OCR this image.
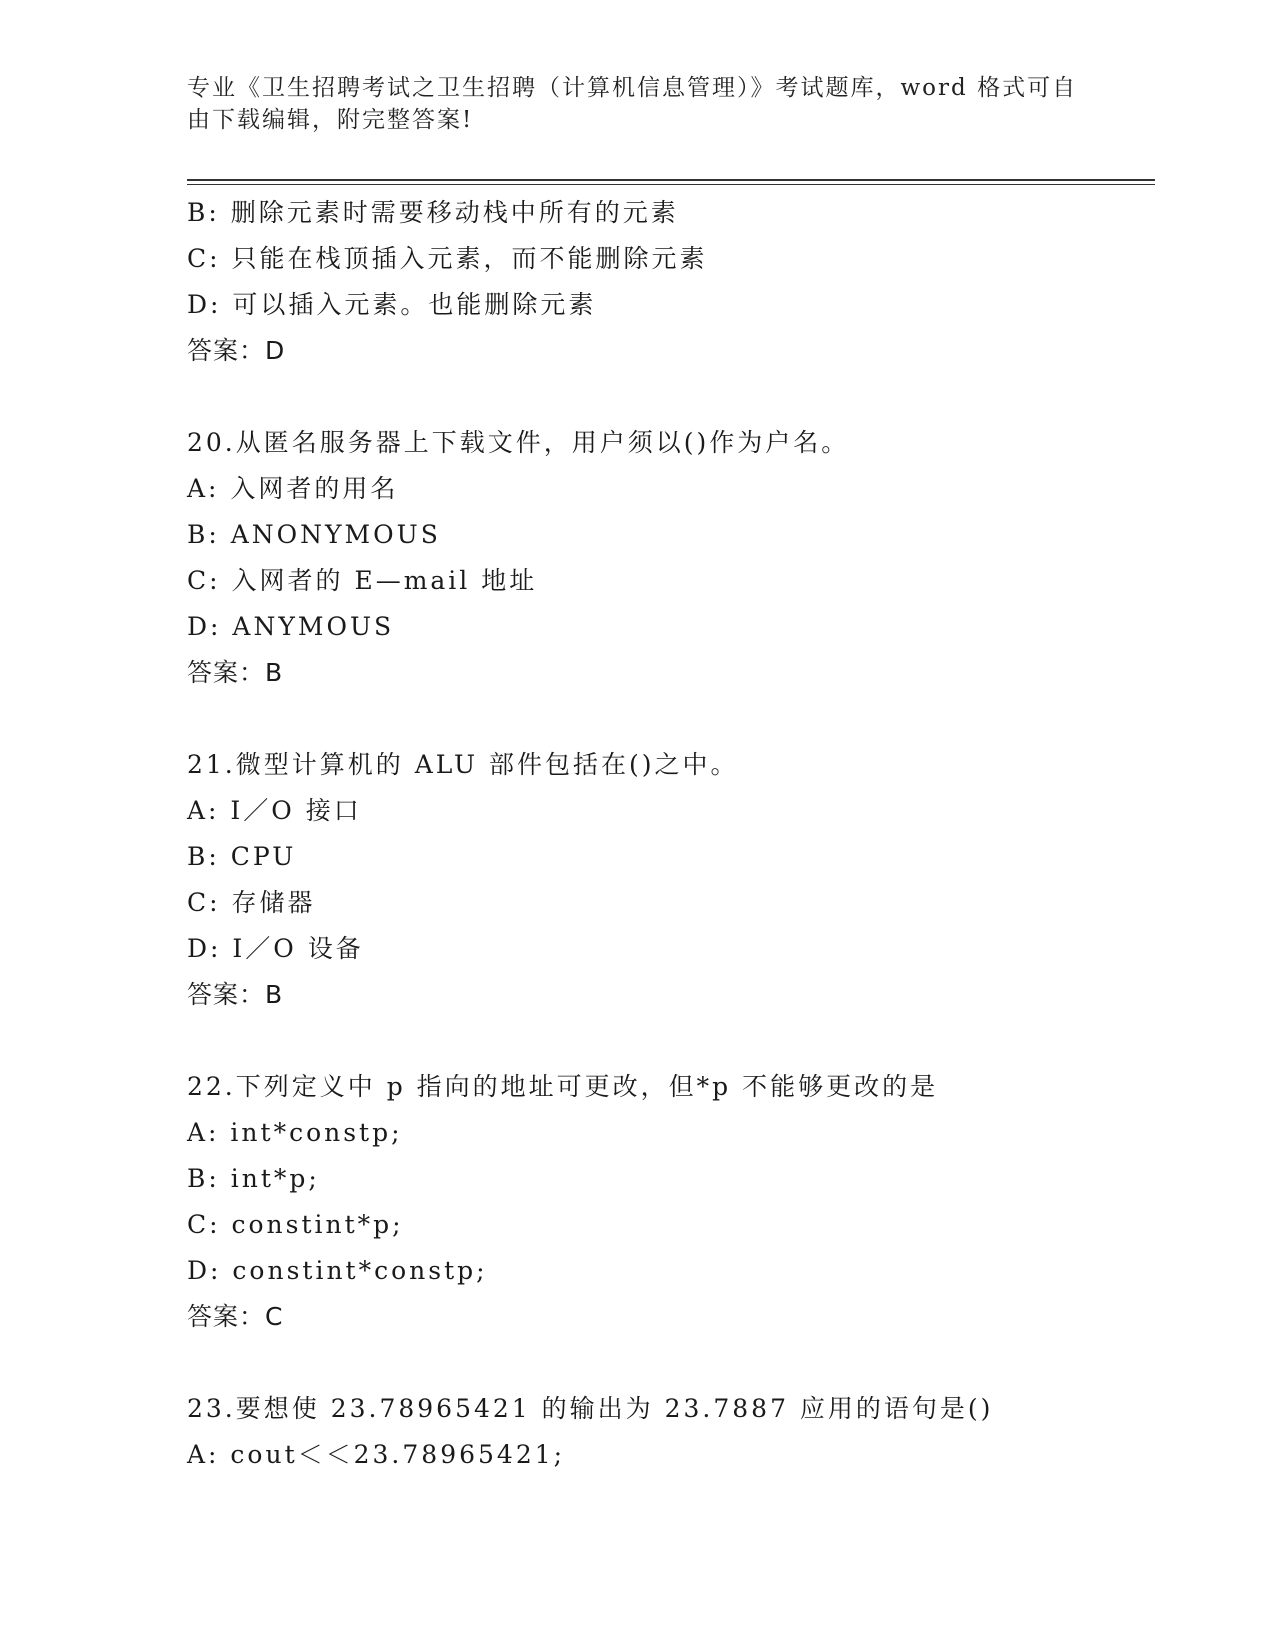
专业《卫生招聘考试之卫生招聘（计算机信息管理）》考试题库，word 格式可自
由下载编辑，附完整答案!
B: 删除元素时需要移动栈中所有的元素
C: 只能在栈顶插入元素，而不能删除元素
D: 可以插入元素。也能删除元素
答案：D
20.从匿名服务器上下载文件，用户须以()作为户名。
A: 入网者的用名
B: ANONYMOUS
C: 入网者的 E—mail 地址
D: ANYMOUS
答案：B
21.微型计算机的 ALU 部件包括在()之中。
A: I／O 接口
B: CPU
C: 存储器
D: I／O 设备
答案：B
22.下列定义中 p 指向的地址可更改，但*p 不能够更改的是
A: int*constp;
B: int*p;
C: constint*p;
D: constint*constp;
答案：C
23.要想使 23.78965421 的输出为 23.7887 应用的语句是()
A: cout＜＜23.78965421;
